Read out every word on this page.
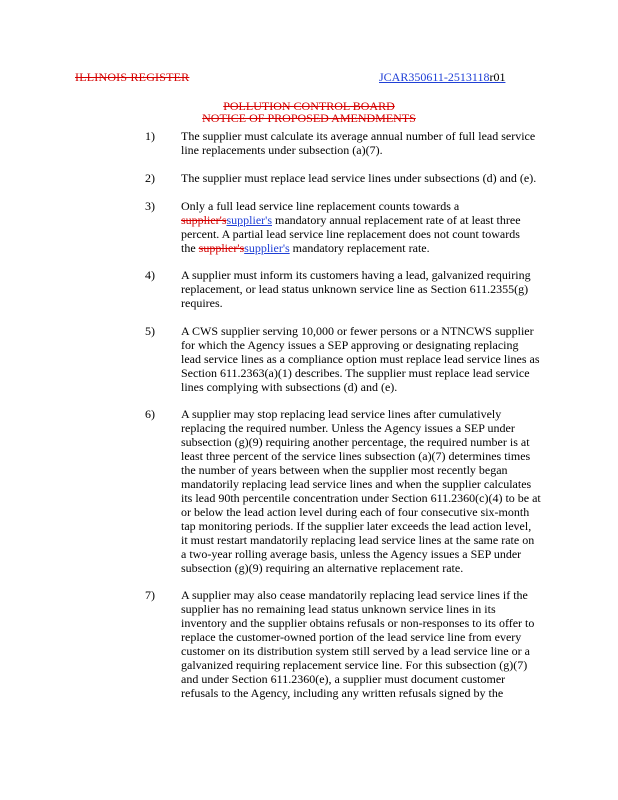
ILLINOIS REGISTER	JCAR350611-2513118r01
POLLUTION CONTROL BOARD
NOTICE OF PROPOSED AMENDMENTS
1) The supplier must calculate its average annual number of full lead service
line replacements under subsection (a)(7).
2) The supplier must replace lead service lines under subsections (d) and (e).
3) Only a full lead service line replacement counts towards a
supplier'ssupplier's mandatory annual replacement rate of at least three
percent. A partial lead service line replacement does not count towards
the supplier'ssupplier's mandatory replacement rate.
4) A supplier must inform its customers having a lead, galvanized requiring
replacement, or lead status unknown service line as Section 611.2355(g)
requires.
5) A CWS supplier serving 10,000 or fewer persons or a NTNCWS supplier
for which the Agency issues a SEP approving or designating replacing
lead service lines as a compliance option must replace lead service lines as
Section 611.2363(a)(1) describes. The supplier must replace lead service
lines complying with subsections (d) and (e).
6) A supplier may stop replacing lead service lines after cumulatively
replacing the required number. Unless the Agency issues a SEP under
subsection (g)(9) requiring another percentage, the required number is at
least three percent of the service lines subsection (a)(7) determines times
the number of years between when the supplier most recently began
mandatorily replacing lead service lines and when the supplier calculates
its lead 90th percentile concentration under Section 611.2360(c)(4) to be at
or below the lead action level during each of four consecutive six-month
tap monitoring periods. If the supplier later exceeds the lead action level,
it must restart mandatorily replacing lead service lines at the same rate on
a two-year rolling average basis, unless the Agency issues a SEP under
subsection (g)(9) requiring an alternative replacement rate.
7) A supplier may also cease mandatorily replacing lead service lines if the
supplier has no remaining lead status unknown service lines in its
inventory and the supplier obtains refusals or non-responses to its offer to
replace the customer-owned portion of the lead service line from every
customer on its distribution system still served by a lead service line or a
galvanized requiring replacement service line. For this subsection (g)(7)
and under Section 611.2360(e), a supplier must document customer
refusals to the Agency, including any written refusals signed by the
